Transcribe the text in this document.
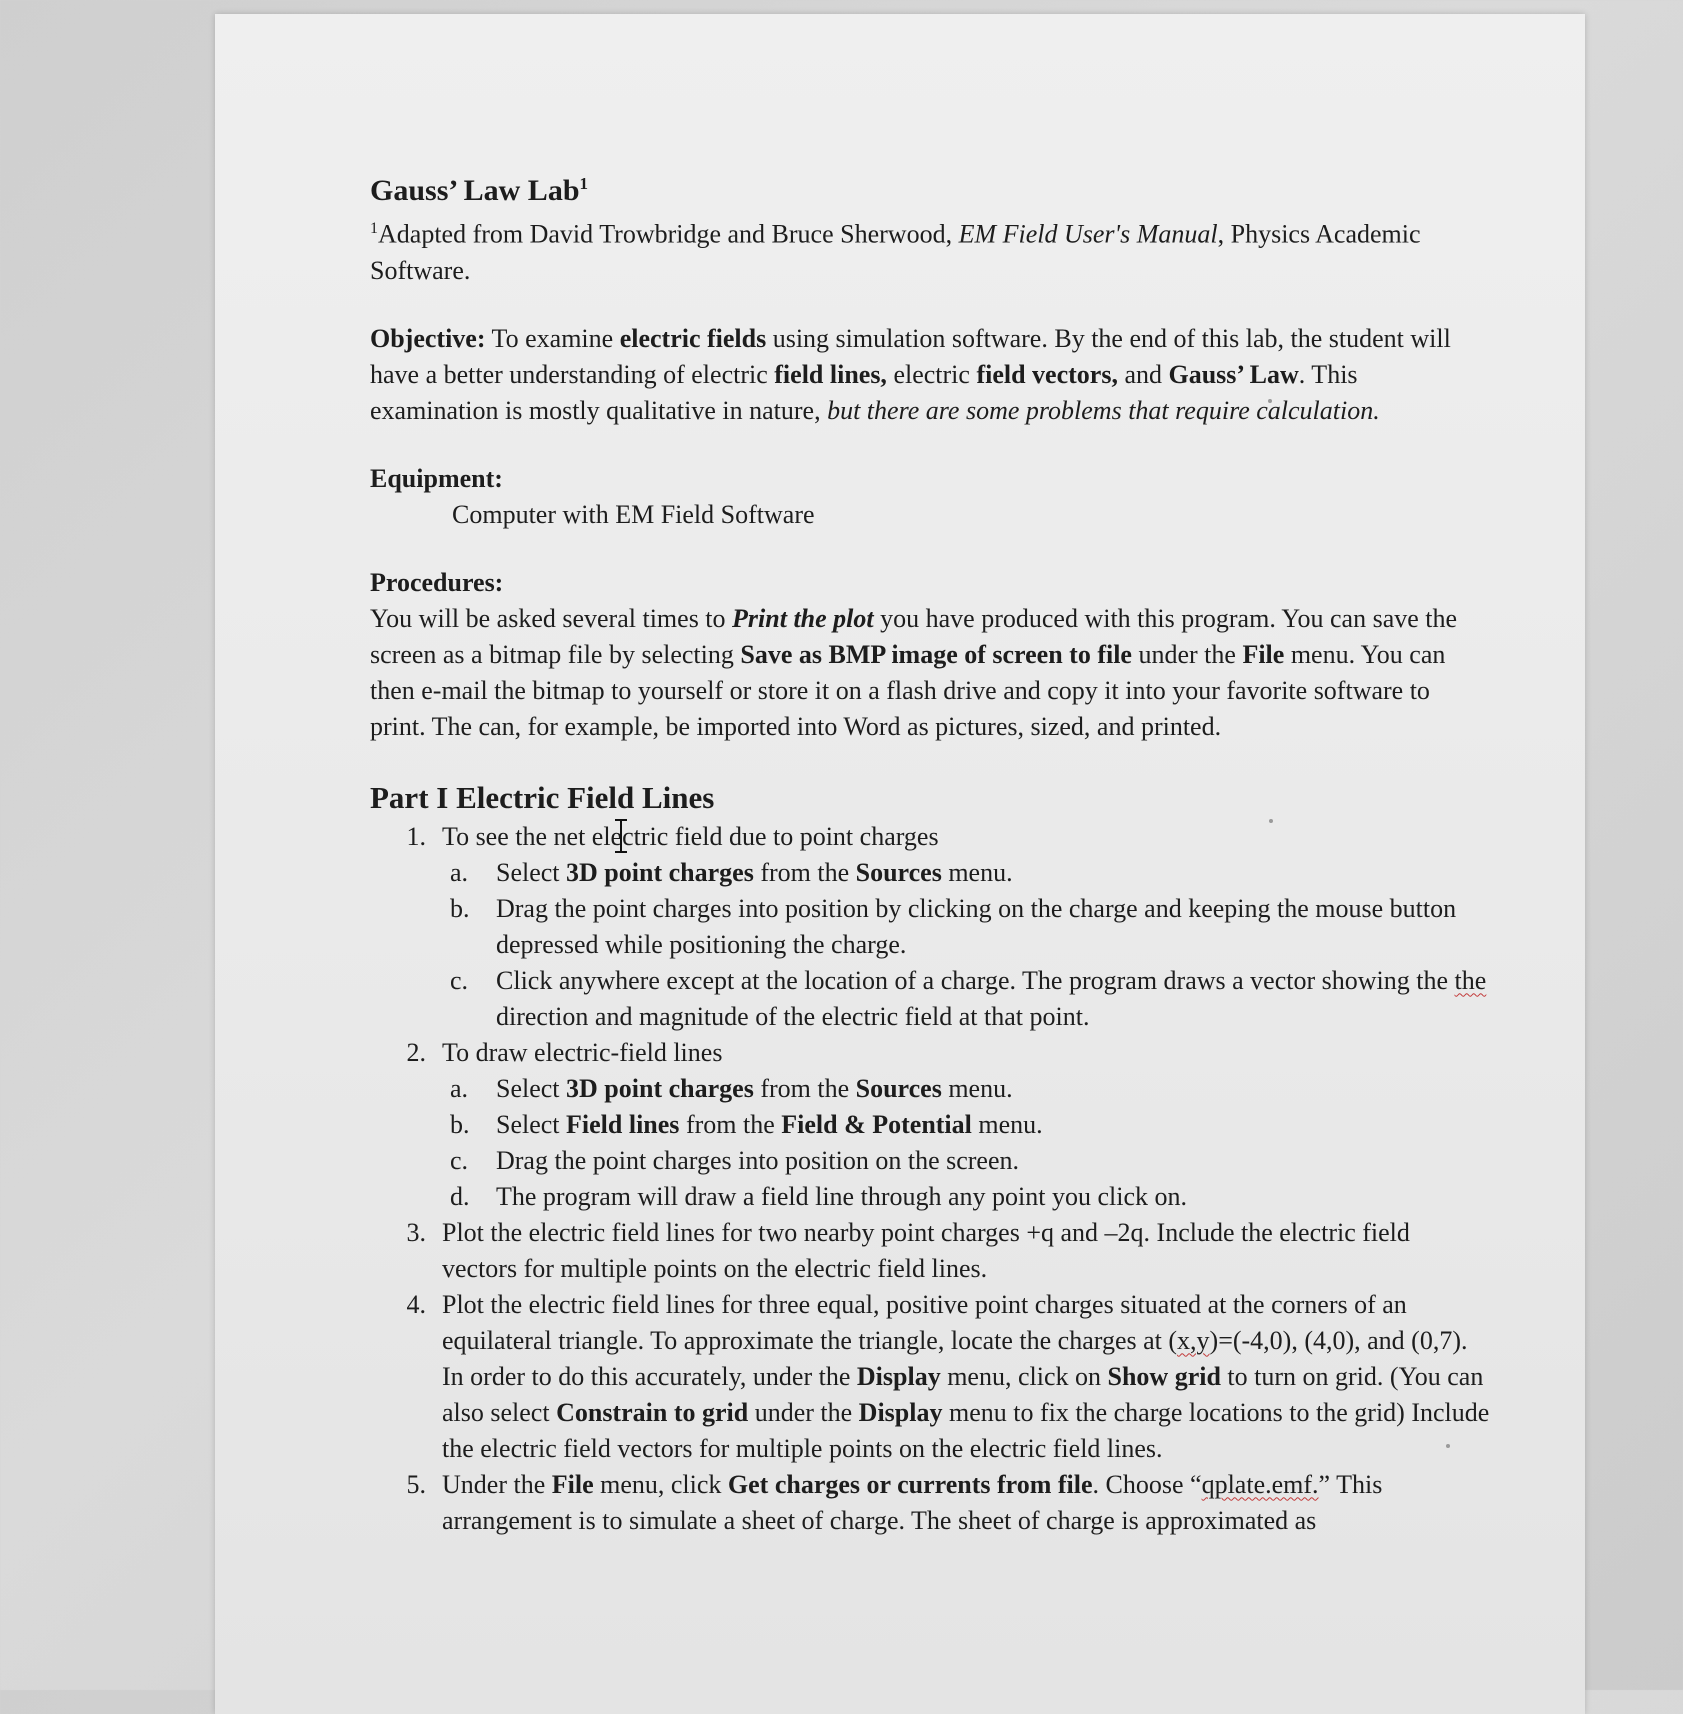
Gauss’ Law Lab$^1$

$^1$Adapted from David Trowbridge and Bruce Sherwood, EM Field User's Manual, Physics Academic Software.

Objective: To examine electric fields using simulation software. By the end of this lab, the student will have a better understanding of electric field lines, electric field vectors, and Gauss’ Law. This examination is mostly qualitative in nature, but there are some problems that require calculation.

Equipment:

Computer with EM Field Software

Procedures:

You will be asked several times to Print the plot you have produced with this program. You can save the screen as a bitmap file by selecting Save as BMP image of screen to file under the File menu. You can then e-mail the bitmap to yourself or store it on a flash drive and copy it into your favorite software to print. The can, for example, be imported into Word as pictures, sized, and printed.

Part I Electric Field Lines

1. To see the net electric field due to point charges
a.	Select 3D point charges from the Sources menu.
b.	Drag the point charges into position by clicking on the charge and keeping the mouse button depressed while positioning the charge.
c.	Click anywhere except at the location of a charge. The program draws a vector showing the the direction and magnitude of the electric field at that point.
2. To draw electric-field lines
a.	Select 3D point charges from the Sources menu.
b.	Select Field lines from the Field & Potential menu.
c.	Drag the point charges into position on the screen.
d.	The program will draw a field line through any point you click on.
3. Plot the electric field lines for two nearby point charges +q and –2q. Include the electric field vectors for multiple points on the electric field lines.
4. Plot the electric field lines for three equal, positive point charges situated at the corners of an equilateral triangle. To approximate the triangle, locate the charges at (x,y)=(-4,0), (4,0), and (0,7). In order to do this accurately, under the Display menu, click on Show grid to turn on grid. (You can also select Constrain to grid under the Display menu to fix the charge locations to the grid) Include the electric field vectors for multiple points on the electric field lines.
5. Under the File menu, click Get charges or currents from file. Choose “qplate.emf.” This arrangement is to simulate a sheet of charge. The sheet of charge is approximated as
